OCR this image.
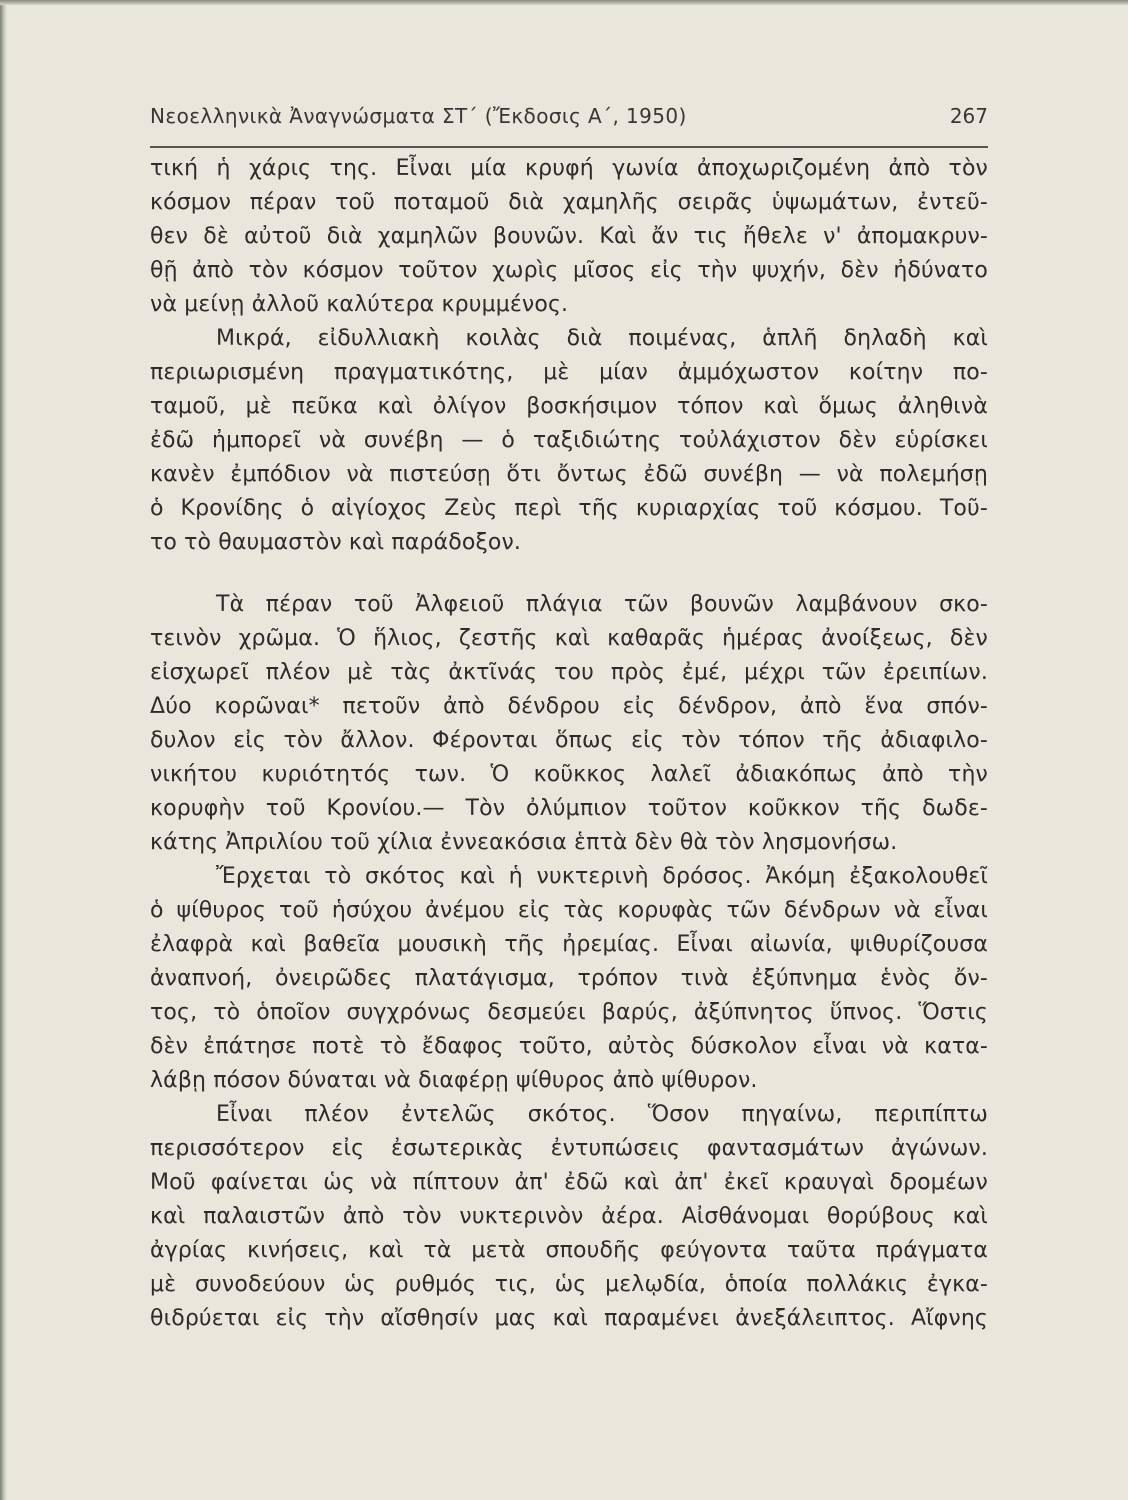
Νεοελληνικὰ Ἀναγνώσματα ΣΤ΄ (Ἔκδοσις Α΄, 1950)	267
τική ἡ χάρις της. Εἶναι μία κρυφή γωνία ἀποχωριζομένη ἀπὸ τὸν
κόσμον πέραν τοῦ ποταμοῦ διὰ χαμηλῆς σειρᾶς ὑψωμάτων, ἐντεῦ-
θεν δὲ αὐτοῦ διὰ χαμηλῶν βουνῶν. Καὶ ἄν τις ἤθελε ν' ἀπομακρυν-
θῇ ἀπὸ τὸν κόσμον τοῦτον χωρὶς μῖσος εἰς τὴν ψυχήν, δὲν ἠδύνατο
νὰ μείνῃ ἀλλοῦ καλύτερα κρυμμένος.
Μικρά, εἰδυλλιακὴ κοιλὰς διὰ ποιμένας, ἁπλῆ δηλαδὴ καὶ
περιωρισμένη πραγματικότης, μὲ μίαν ἀμμόχωστον κοίτην πο-
ταμοῦ, μὲ πεῦκα καὶ ὀλίγον βοσκήσιμον τόπον καὶ ὅμως ἀληθινὰ
ἐδῶ ἠμπορεῖ νὰ συνέβη — ὁ ταξιδιώτης τοὐλάχιστον δὲν εὑρίσκει
κανὲν ἐμπόδιον νὰ πιστεύσῃ ὅτι ὄντως ἐδῶ συνέβη — νὰ πολεμήσῃ
ὁ Κρονίδης ὁ αἰγίοχος Ζεὺς περὶ τῆς κυριαρχίας τοῦ κόσμου. Τοῦ-
το τὸ θαυμαστὸν καὶ παράδοξον.
Τὰ πέραν τοῦ Ἀλφειοῦ πλάγια τῶν βουνῶν λαμβάνουν σκο-
τεινὸν χρῶμα. Ὁ ἥλιος, ζεστῆς καὶ καθαρᾶς ἡμέρας ἀνοίξεως, δὲν
εἰσχωρεῖ πλέον μὲ τὰς ἀκτῖνάς του πρὸς ἐμέ, μέχρι τῶν ἐρειπίων.
Δύο κορῶναι* πετοῦν ἀπὸ δένδρου εἰς δένδρον, ἀπὸ ἕνα σπόν-
δυλον εἰς τὸν ἄλλον. Φέρονται ὅπως εἰς τὸν τόπον τῆς ἀδιαφιλο-
νικήτου κυριότητός των. Ὁ κοῦκκος λαλεῖ ἀδιακόπως ἀπὸ τὴν
κορυφὴν τοῦ Κρονίου.— Τὸν ὀλύμπιον τοῦτον κοῦκκον τῆς δωδε-
κάτης Ἀπριλίου τοῦ χίλια ἐννεακόσια ἑπτὰ δὲν θὰ τὸν λησμονήσω.
Ἔρχεται τὸ σκότος καὶ ἡ νυκτερινὴ δρόσος. Ἀκόμη ἐξακολουθεῖ
ὁ ψίθυρος τοῦ ἡσύχου ἀνέμου εἰς τὰς κορυφὰς τῶν δένδρων νὰ εἶναι
ἐλαφρὰ καὶ βαθεῖα μουσικὴ τῆς ἠρεμίας. Εἶναι αἰωνία, ψιθυρίζουσα
ἀναπνοή, ὀνειρῶδες πλατάγισμα, τρόπον τινὰ ἐξύπνημα ἑνὸς ὄν-
τος, τὸ ὁποῖον συγχρόνως δεσμεύει βαρύς, ἀξύπνητος ὕπνος. Ὅστις
δὲν ἐπάτησε ποτὲ τὸ ἔδαφος τοῦτο, αὐτὸς δύσκολον εἶναι νὰ κατα-
λάβῃ πόσον δύναται νὰ διαφέρῃ ψίθυρος ἀπὸ ψίθυρον.
Εἶναι πλέον ἐντελῶς σκότος. Ὅσον πηγαίνω, περιπίπτω
περισσότερον εἰς ἐσωτερικὰς ἐντυπώσεις φαντασμάτων ἀγώνων.
Μοῦ φαίνεται ὡς νὰ πίπτουν ἀπ' ἐδῶ καὶ ἀπ' ἐκεῖ κραυγαὶ δρομέων
καὶ παλαιστῶν ἀπὸ τὸν νυκτερινὸν ἀέρα. Αἰσθάνομαι θορύβους καὶ
ἀγρίας κινήσεις, καὶ τὰ μετὰ σπουδῆς φεύγοντα ταῦτα πράγματα
μὲ συνοδεύουν ὡς ρυθμός τις, ὡς μελῳδία, ὁποία πολλάκις ἐγκα-
θιδρύεται εἰς τὴν αἴσθησίν μας καὶ παραμένει ἀνεξάλειπτος. Αἴφνης
